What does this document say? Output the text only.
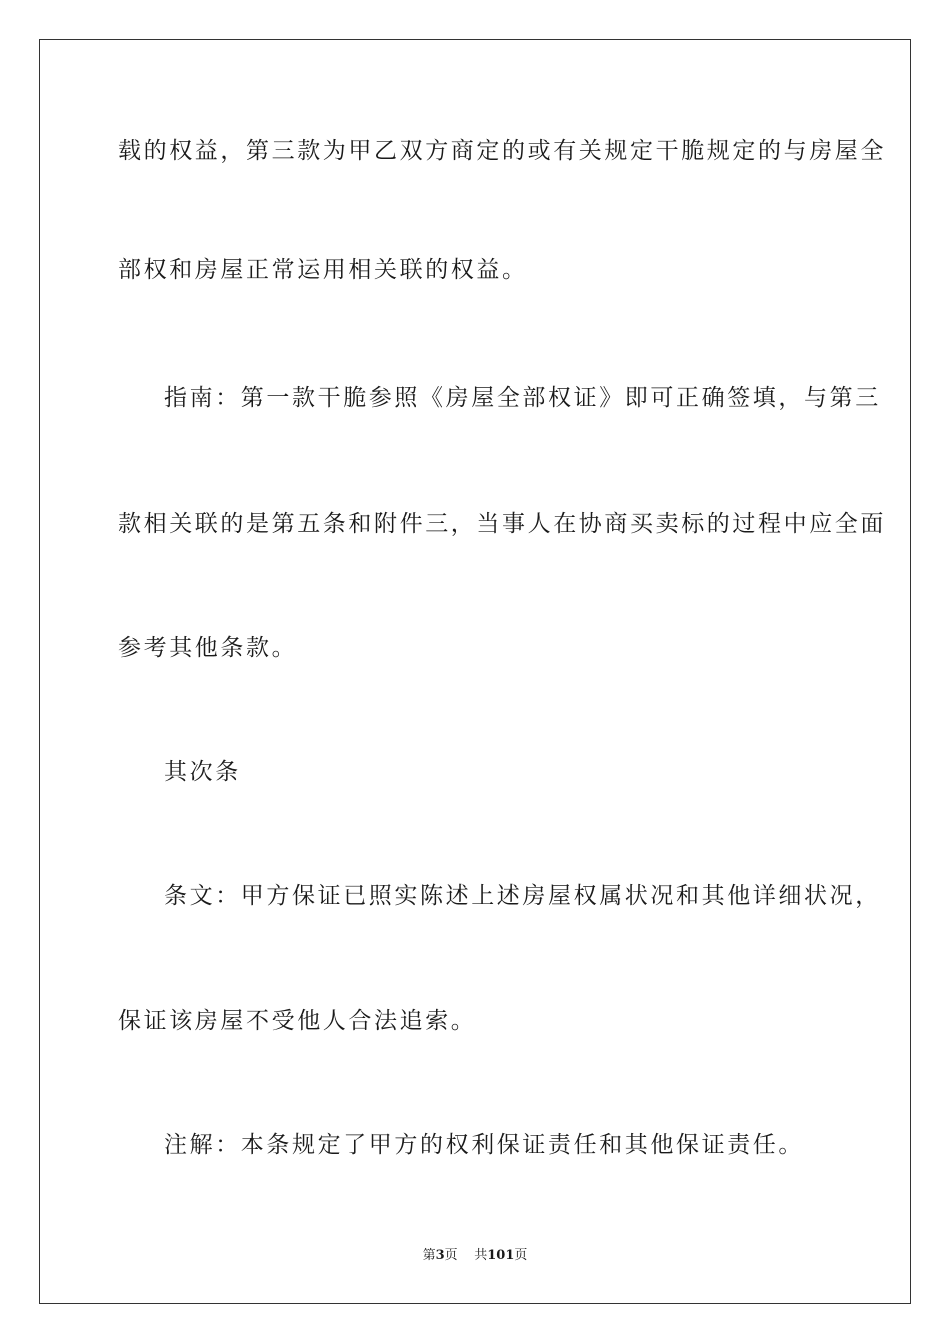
载的权益，第三款为甲乙双方商定的或有关规定干脆规定的与房屋全
部权和房屋正常运用相关联的权益。
指南：第一款干脆参照《房屋全部权证》即可正确签填，与第三
款相关联的是第五条和附件三，当事人在协商买卖标的过程中应全面
参考其他条款。
其次条
条文：甲方保证已照实陈述上述房屋权属状况和其他详细状况，
保证该房屋不受他人合法追索。
注解：本条规定了甲方的权利保证责任和其他保证责任。
第3页 共101页
